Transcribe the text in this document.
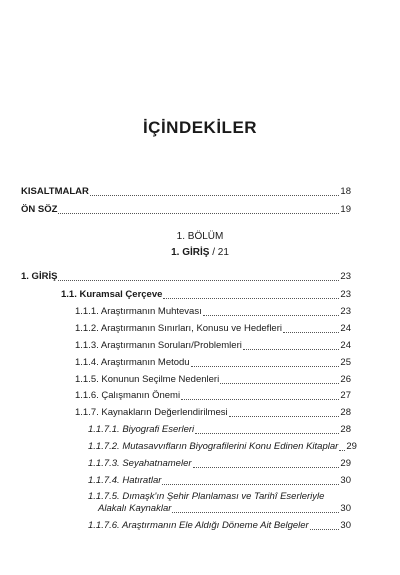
İÇİNDEKİLER
KISALTMALAR	18
ÖN SÖZ	19
1. BÖLÜM
1. GİRİŞ / 21
1. GİRİŞ	23
1.1. Kuramsal Çerçeve	23
1.1.1. Araştırmanın Muhtevası	23
1.1.2. Araştırmanın Sınırları, Konusu ve Hedefleri	24
1.1.3. Araştırmanın Soruları/Problemleri	24
1.1.4. Araştırmanın Metodu	25
1.1.5. Konunun Seçilme Nedenleri	26
1.1.6. Çalışmanın Önemi	27
1.1.7. Kaynakların Değerlendirilmesi	28
1.1.7.1. Biyografi Eserleri	28
1.1.7.2. Mutasavvıfların Biyografilerini Konu Edinen Kitaplar 29
1.1.7.3. Seyahatnameler	29
1.1.7.4. Hatıratlar	30
1.1.7.5. Dımaşk'ın Şehir Planlaması ve Tarihî Eserleriyle
Alakalı Kaynaklar	30
1.1.7.6. Araştırmanın Ele Aldığı Döneme Ait Belgeler	30
